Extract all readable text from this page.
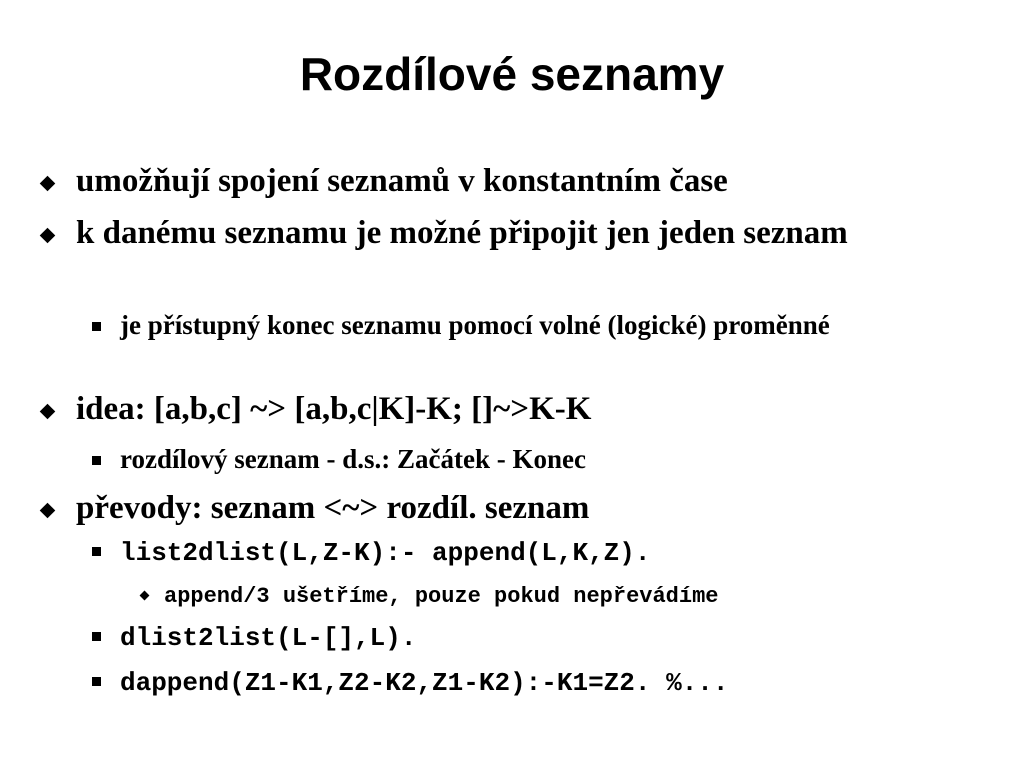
Rozdílové seznamy
umožňují spojení seznamů v konstantním čase
k danému seznamu je možné připojit jen jeden seznam
je přístupný konec seznamu pomocí volné (logické) proměnné
idea: [a,b,c] ~> [a,b,c|K]-K; []~>K-K
rozdílový seznam - d.s.: Začátek - Konec
převody: seznam <~> rozdíl. seznam
list2dlist(L,Z-K):- append(L,K,Z).
append/3 ušetříme, pouze pokud nepřevádíme
dlist2list(L-[],L).
dappend(Z1-K1,Z2-K2,Z1-K2):-K1=Z2. %...
